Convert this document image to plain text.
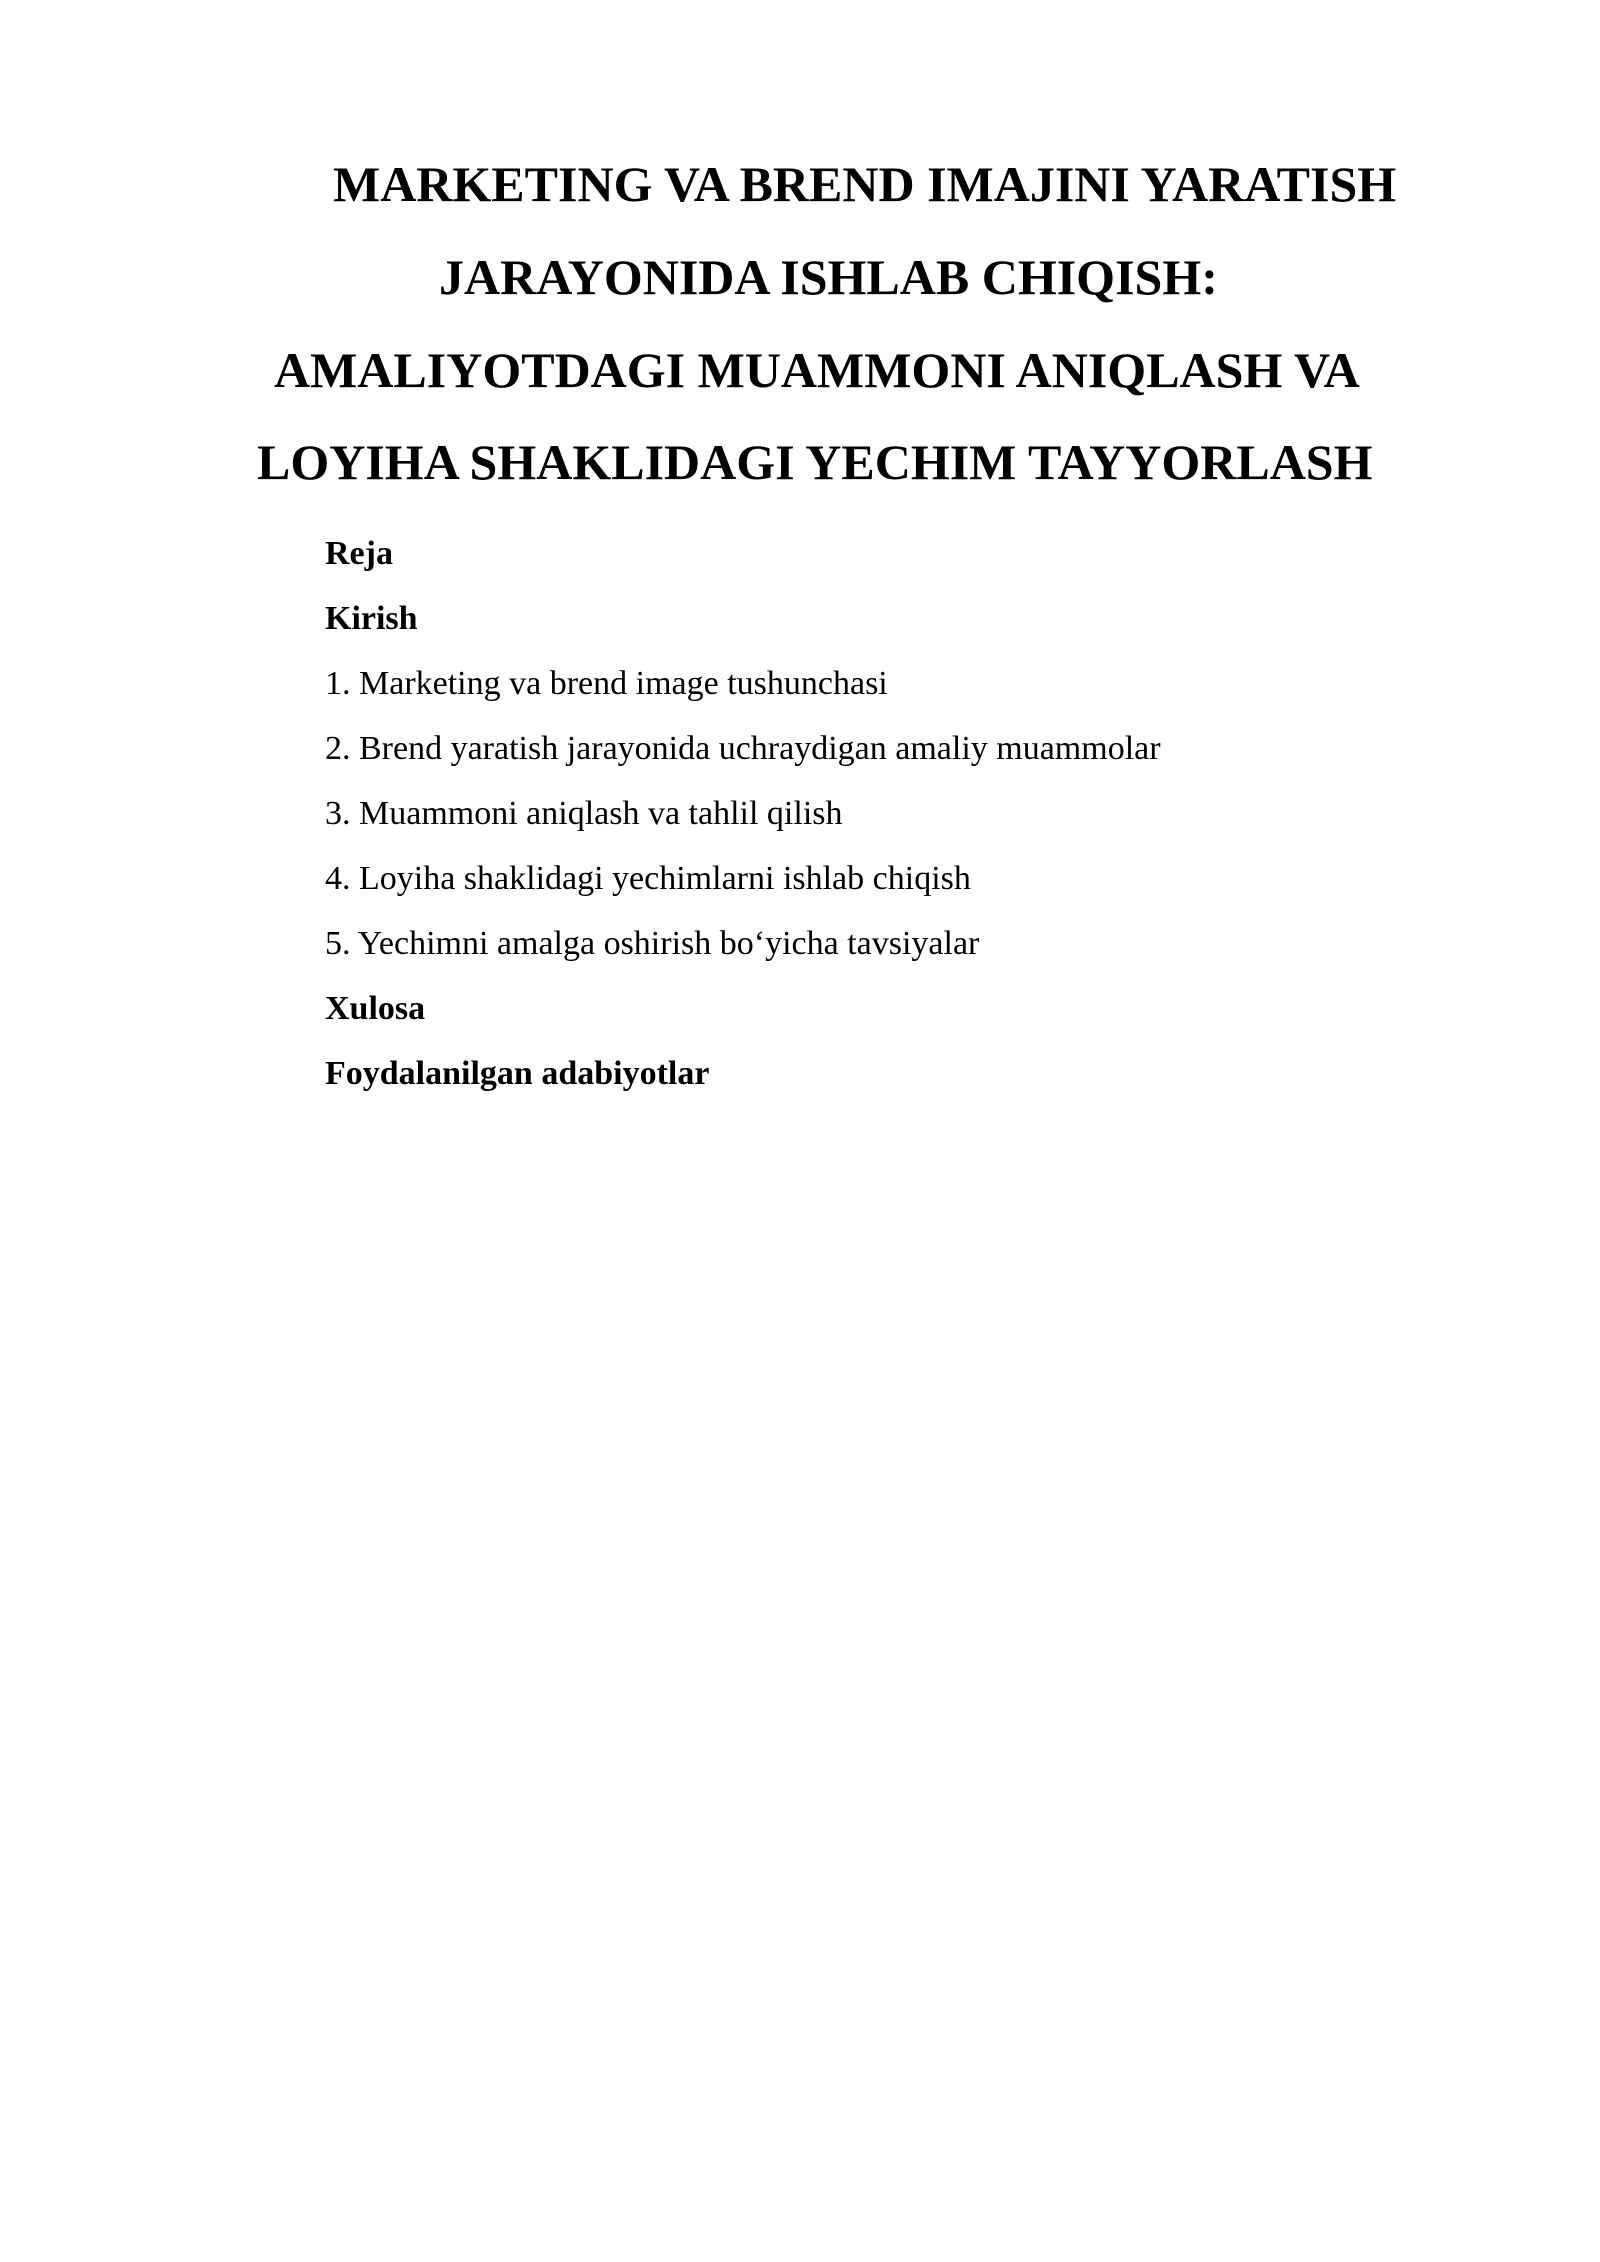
MARKETING VA BREND IMAJINI YARATISH
JARAYONIDA ISHLAB CHIQISH:
AMALIYOTDAGI MUAMMONI ANIQLASH VA
LOYIHA SHAKLIDAGI YECHIM TAYYORLASH
Reja
Kirish
1. Marketing va brend image tushunchasi
2. Brend yaratish jarayonida uchraydigan amaliy muammolar
3. Muammoni aniqlash va tahlil qilish
4. Loyiha shaklidagi yechimlarni ishlab chiqish
5. Yechimni amalga oshirish bo‘yicha tavsiyalar
Xulosa
Foydalanilgan adabiyotlar
